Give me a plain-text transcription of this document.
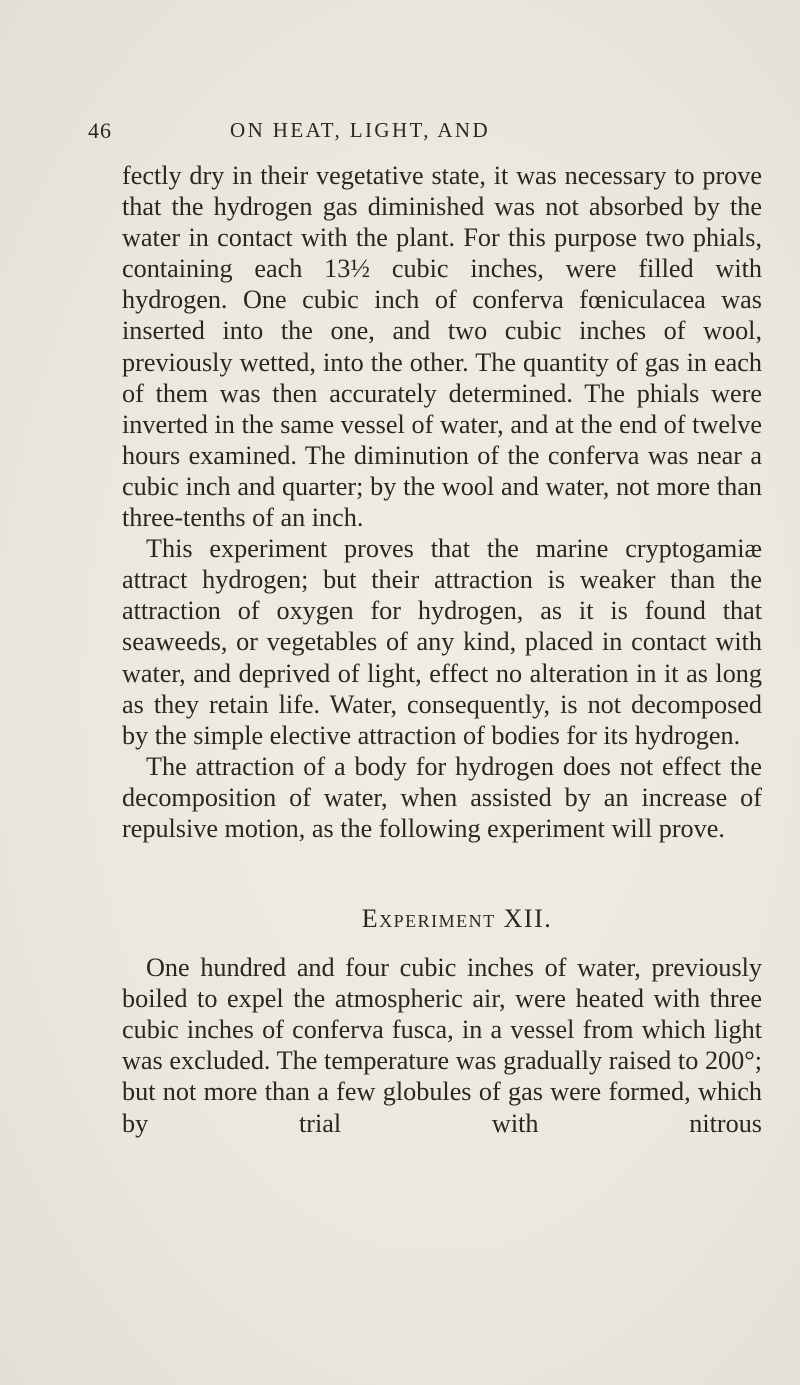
46	ON HEAT, LIGHT, AND

fectly dry in their vegetative state, it was necessary to prove that the hydrogen gas diminished was not absorbed by the water in contact with the plant. For this purpose two phials, containing each 13½ cubic inches, were filled with hydrogen. One cubic inch of conferva fœniculacea was inserted into the one, and two cubic inches of wool, previously wetted, into the other. The quantity of gas in each of them was then accurately determined. The phials were inverted in the same vessel of water, and at the end of twelve hours examined. The diminution of the conferva was near a cubic inch and quarter; by the wool and water, not more than three-tenths of an inch.

This experiment proves that the marine cryptogamiæ attract hydrogen; but their attraction is weaker than the attraction of oxygen for hydrogen, as it is found that seaweeds, or vegetables of any kind, placed in contact with water, and deprived of light, effect no alteration in it as long as they retain life. Water, consequently, is not decomposed by the simple elective attraction of bodies for its hydrogen.

The attraction of a body for hydrogen does not effect the decomposition of water, when assisted by an increase of repulsive motion, as the following experiment will prove.

Experiment XII.

One hundred and four cubic inches of water, previously boiled to expel the atmospheric air, were heated with three cubic inches of conferva fusca, in a vessel from which light was excluded. The temperature was gradually raised to 200°; but not more than a few globules of gas were formed, which by trial with nitrous
